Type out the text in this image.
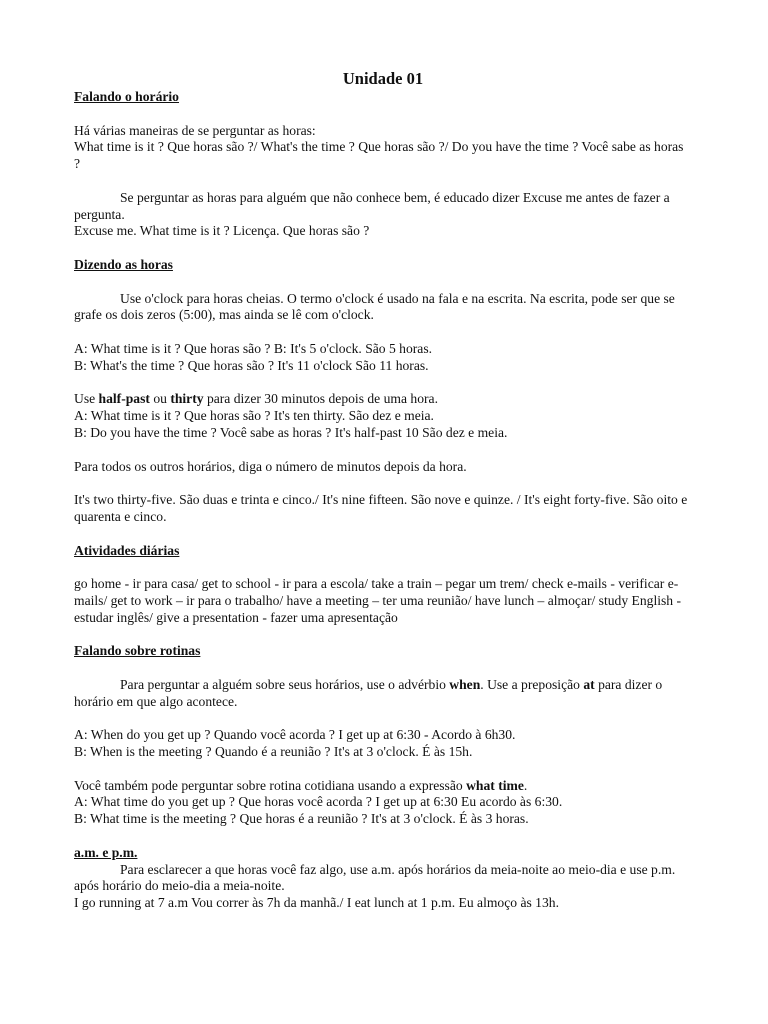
Unidade 01

Falando o horário

Há várias maneiras de se perguntar as horas:

What time is it ? Que horas são ?/ What's the time ? Que horas são ?/ Do you have the time ? Você sabe as horas ?

Se perguntar as horas para alguém que não conhece bem, é educado dizer Excuse me antes de fazer a pergunta.

Excuse me. What time is it ? Licença. Que horas são ?

Dizendo as horas

Use o'clock para horas cheias. O termo o'clock é usado na fala e na escrita. Na escrita, pode ser que se grafe os dois zeros (5:00), mas ainda se lê com o'clock.

A: What time is it ? Que horas são ? B: It's 5 o'clock. São 5 horas.

B: What's the time ? Que horas são ? It's 11 o'clock São 11 horas.

Use half-past ou thirty para dizer 30 minutos depois de uma hora.

A: What time is it ? Que horas são ? It's ten thirty. São dez e meia.

B: Do you have the time ? Você sabe as horas ? It's half-past 10 São dez e meia.

Para todos os outros horários, diga o número de minutos depois da hora.

It's two thirty-five. São duas e trinta e cinco./ It's nine fifteen. São nove e quinze. / It's eight forty-five. São oito e quarenta e cinco.

Atividades diárias

go home - ir para casa/ get to school - ir para a escola/ take a train – pegar um trem/ check e-mails - verificar e-mails/ get to work – ir para o trabalho/ have a meeting – ter uma reunião/ have lunch – almoçar/ study English - estudar inglês/ give a presentation - fazer uma apresentação

Falando sobre rotinas

Para perguntar a alguém sobre seus horários, use o advérbio when. Use a preposição at para dizer o horário em que algo acontece.

A: When do you get up ? Quando você acorda ? I get up at 6:30 - Acordo à 6h30.

B: When is the meeting ? Quando é a reunião ? It's at 3 o'clock. É às 15h.

Você também pode perguntar sobre rotina cotidiana usando a expressão what time.

A: What time do you get up ? Que horas você acorda ? I get up at 6:30 Eu acordo às 6:30.

B: What time is the meeting ? Que horas é a reunião ? It's at 3 o'clock. É às 3 horas.

a.m. e p.m.

Para esclarecer a que horas você faz algo, use a.m. após horários da meia-noite ao meio-dia e use p.m. após horário do meio-dia a meia-noite.

I go running at 7 a.m Vou correr às 7h da manhã./ I eat lunch at 1 p.m. Eu almoço às 13h.
